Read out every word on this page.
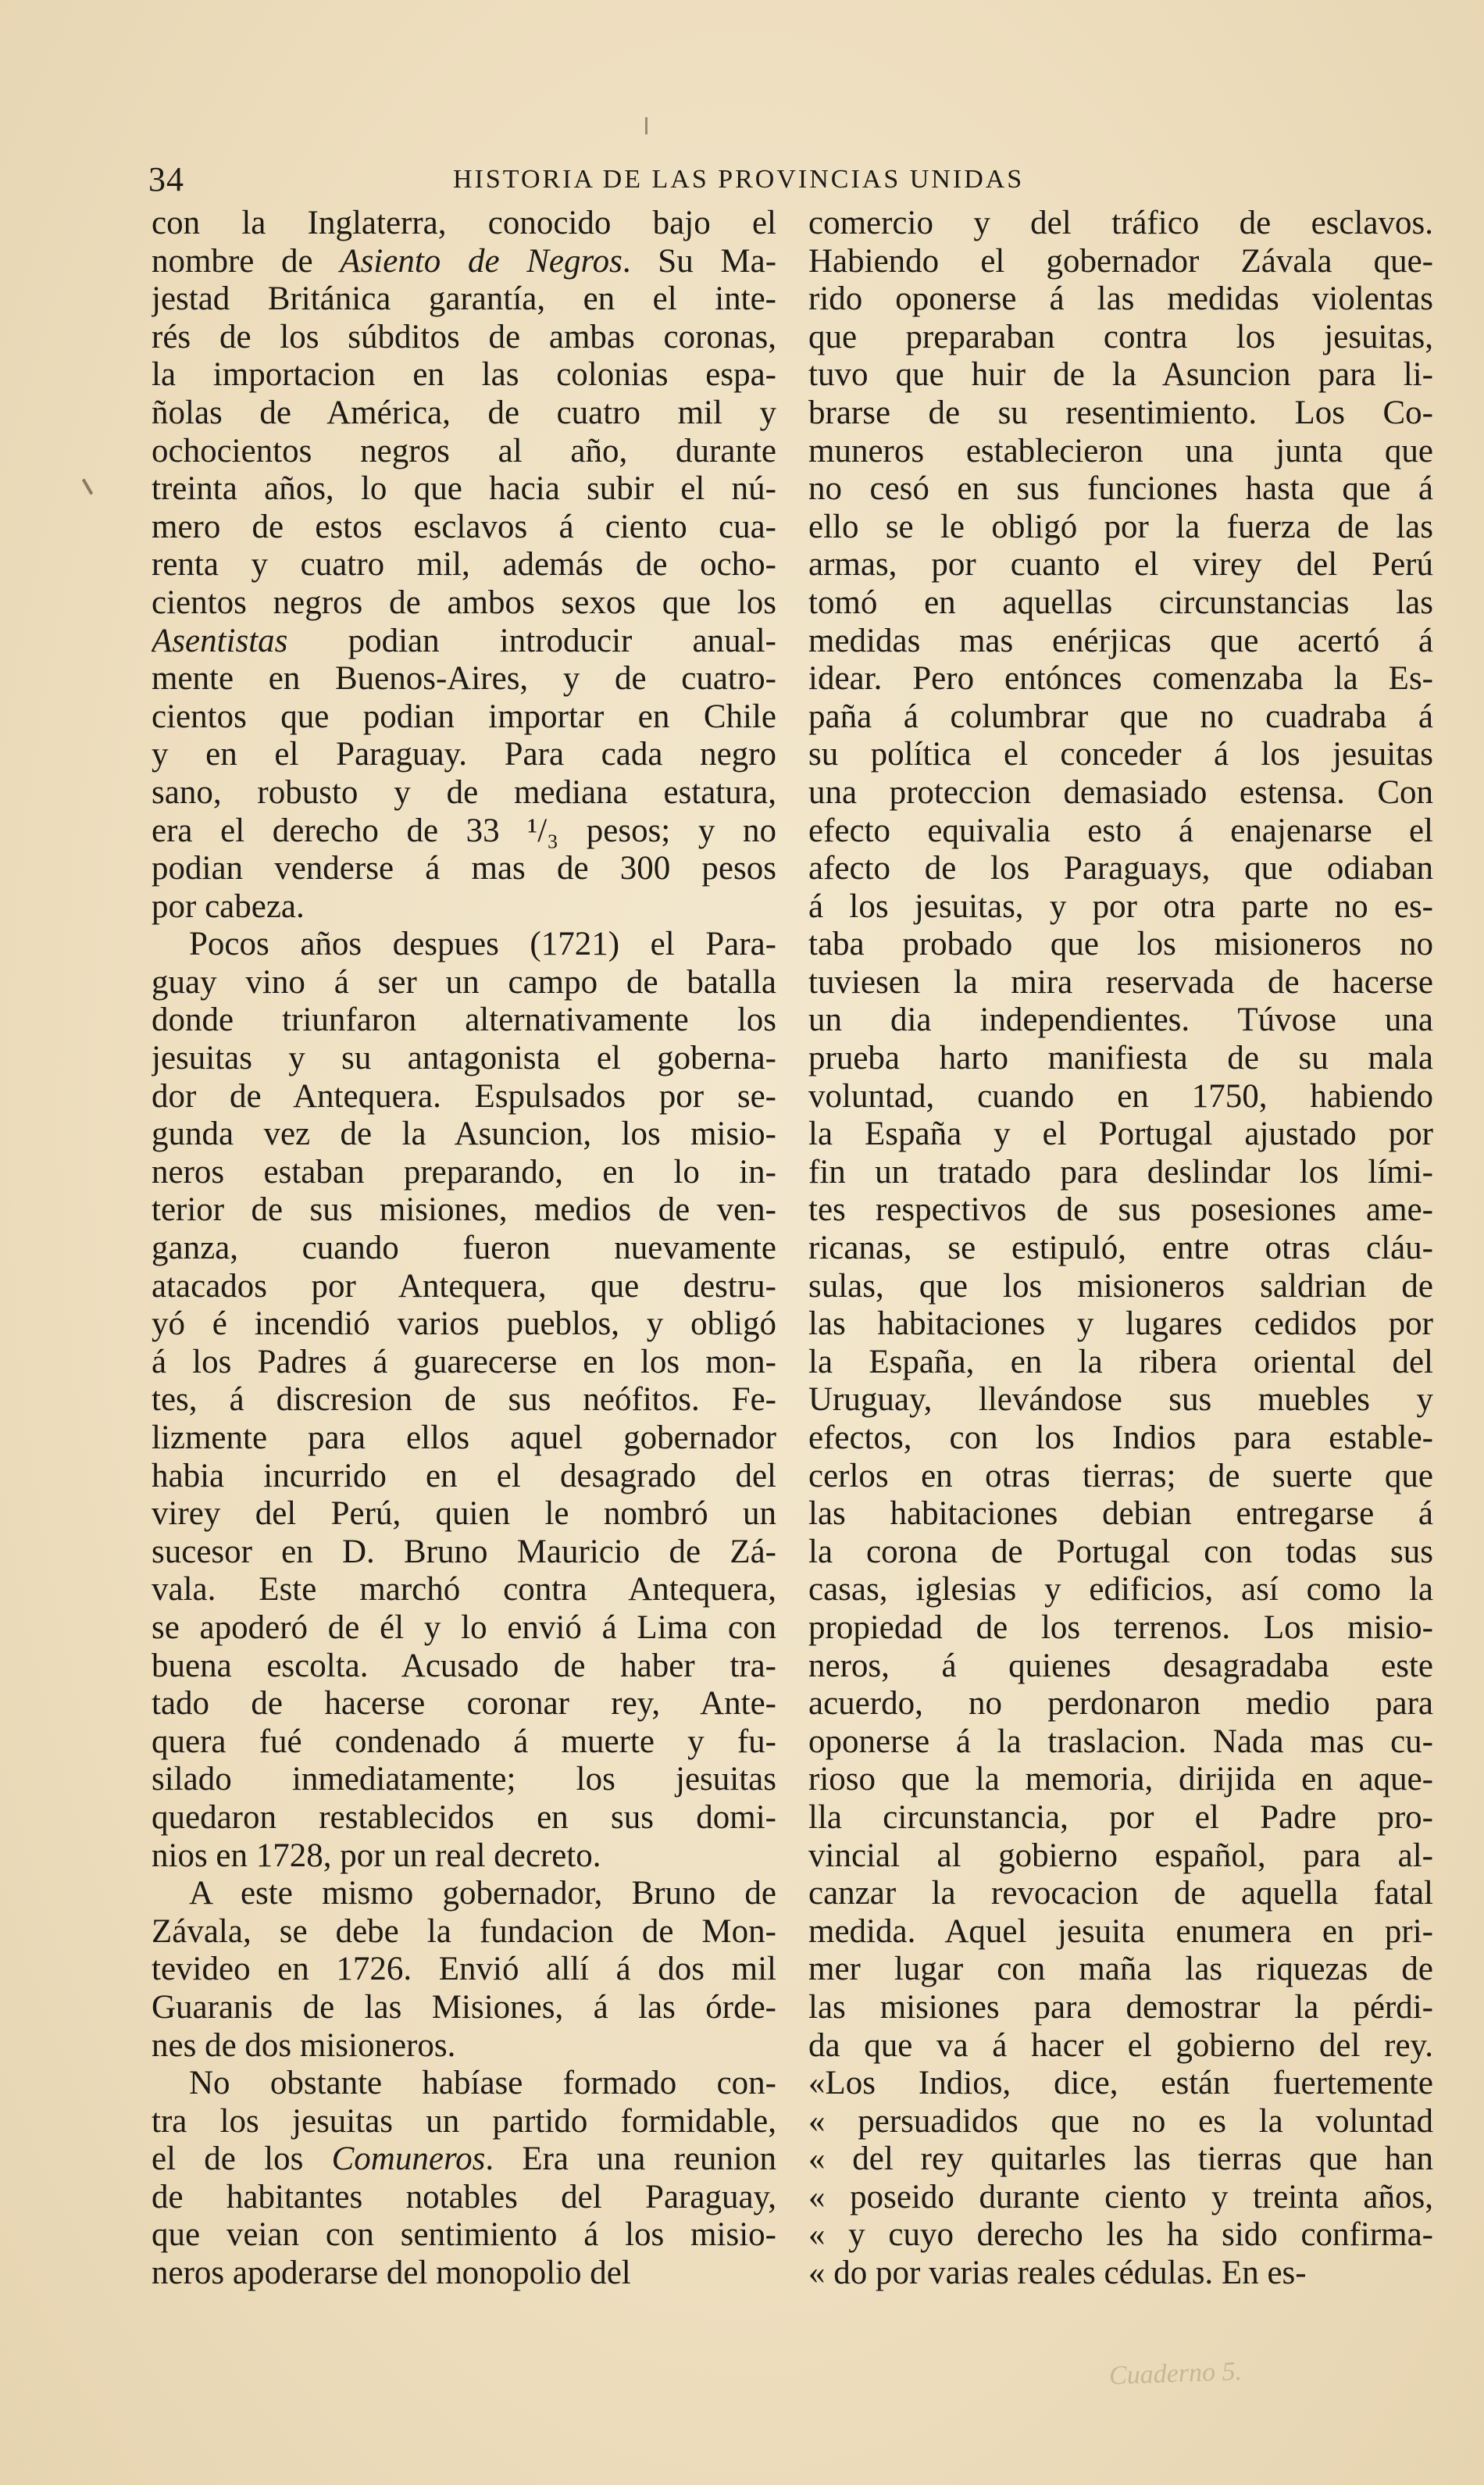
34	HISTORIA DE LAS PROVINCIAS UNIDAS
con la Inglaterra, conocido bajo el
nombre de Asiento de Negros. Su Ma-
jestad Británica garantía, en el inte-
rés de los súbditos de ambas coronas,
la importacion en las colonias espa-
ñolas de América, de cuatro mil y
ochocientos negros al año, durante
treinta años, lo que hacia subir el nú-
mero de estos esclavos á ciento cua-
renta y cuatro mil, además de ocho-
cientos negros de ambos sexos que los
Asentistas podian introducir anual-
mente en Buenos-Aires, y de cuatro-
cientos que podian importar en Chile
y en el Paraguay. Para cada negro
sano, robusto y de mediana estatura,
era el derecho de 33 ¹/₃ pesos; y no
podian venderse á mas de 300 pesos
por cabeza.
Pocos años despues (1721) el Para-
guay vino á ser un campo de batalla
donde triunfaron alternativamente los
jesuitas y su antagonista el goberna-
dor de Antequera. Espulsados por se-
gunda vez de la Asuncion, los misio-
neros estaban preparando, en lo in-
terior de sus misiones, medios de ven-
ganza, cuando fueron nuevamente
atacados por Antequera, que destru-
yó é incendió varios pueblos, y obligó
á los Padres á guarecerse en los mon-
tes, á discresion de sus neófitos. Fe-
lizmente para ellos aquel gobernador
habia incurrido en el desagrado del
virey del Perú, quien le nombró un
sucesor en D. Bruno Mauricio de Zá-
vala. Este marchó contra Antequera,
se apoderó de él y lo envió á Lima con
buena escolta. Acusado de haber tra-
tado de hacerse coronar rey, Ante-
quera fué condenado á muerte y fu-
silado inmediatamente; los jesuitas
quedaron restablecidos en sus domi-
nios en 1728, por un real decreto.
A este mismo gobernador, Bruno de
Závala, se debe la fundacion de Mon-
tevideo en 1726. Envió allí á dos mil
Guaranis de las Misiones, á las órde-
nes de dos misioneros.
No obstante habíase formado con-
tra los jesuitas un partido formidable,
el de los Comuneros. Era una reunion
de habitantes notables del Paraguay,
que veian con sentimiento á los misio-
neros apoderarse del monopolio del
comercio y del tráfico de esclavos.
Habiendo el gobernador Závala que-
rido oponerse á las medidas violentas
que preparaban contra los jesuitas,
tuvo que huir de la Asuncion para li-
brarse de su resentimiento. Los Co-
muneros establecieron una junta que
no cesó en sus funciones hasta que á
ello se le obligó por la fuerza de las
armas, por cuanto el virey del Perú
tomó en aquellas circunstancias las
medidas mas enérjicas que acertó á
idear. Pero entónces comenzaba la Es-
paña á columbrar que no cuadraba á
su política el conceder á los jesuitas
una proteccion demasiado estensa. Con
efecto equivalia esto á enajenarse el
afecto de los Paraguays, que odiaban
á los jesuitas, y por otra parte no es-
taba probado que los misioneros no
tuviesen la mira reservada de hacerse
un dia independientes. Túvose una
prueba harto manifiesta de su mala
voluntad, cuando en 1750, habiendo
la España y el Portugal ajustado por
fin un tratado para deslindar los lími-
tes respectivos de sus posesiones ame-
ricanas, se estipuló, entre otras cláu-
sulas, que los misioneros saldrian de
las habitaciones y lugares cedidos por
la España, en la ribera oriental del
Uruguay, llevándose sus muebles y
efectos, con los Indios para estable-
cerlos en otras tierras; de suerte que
las habitaciones debian entregarse á
la corona de Portugal con todas sus
casas, iglesias y edificios, así como la
propiedad de los terrenos. Los misio-
neros, á quienes desagradaba este
acuerdo, no perdonaron medio para
oponerse á la traslacion. Nada mas cu-
rioso que la memoria, dirijida en aque-
lla circunstancia, por el Padre pro-
vincial al gobierno español, para al-
canzar la revocacion de aquella fatal
medida. Aquel jesuita enumera en pri-
mer lugar con maña las riquezas de
las misiones para demostrar la pérdi-
da que va á hacer el gobierno del rey.
«Los Indios, dice, están fuertemente
« persuadidos que no es la voluntad
« del rey quitarles las tierras que han
« poseido durante ciento y treinta años,
« y cuyo derecho les ha sido confirma-
« do por varias reales cédulas. En es-
Cuaderno 5.
